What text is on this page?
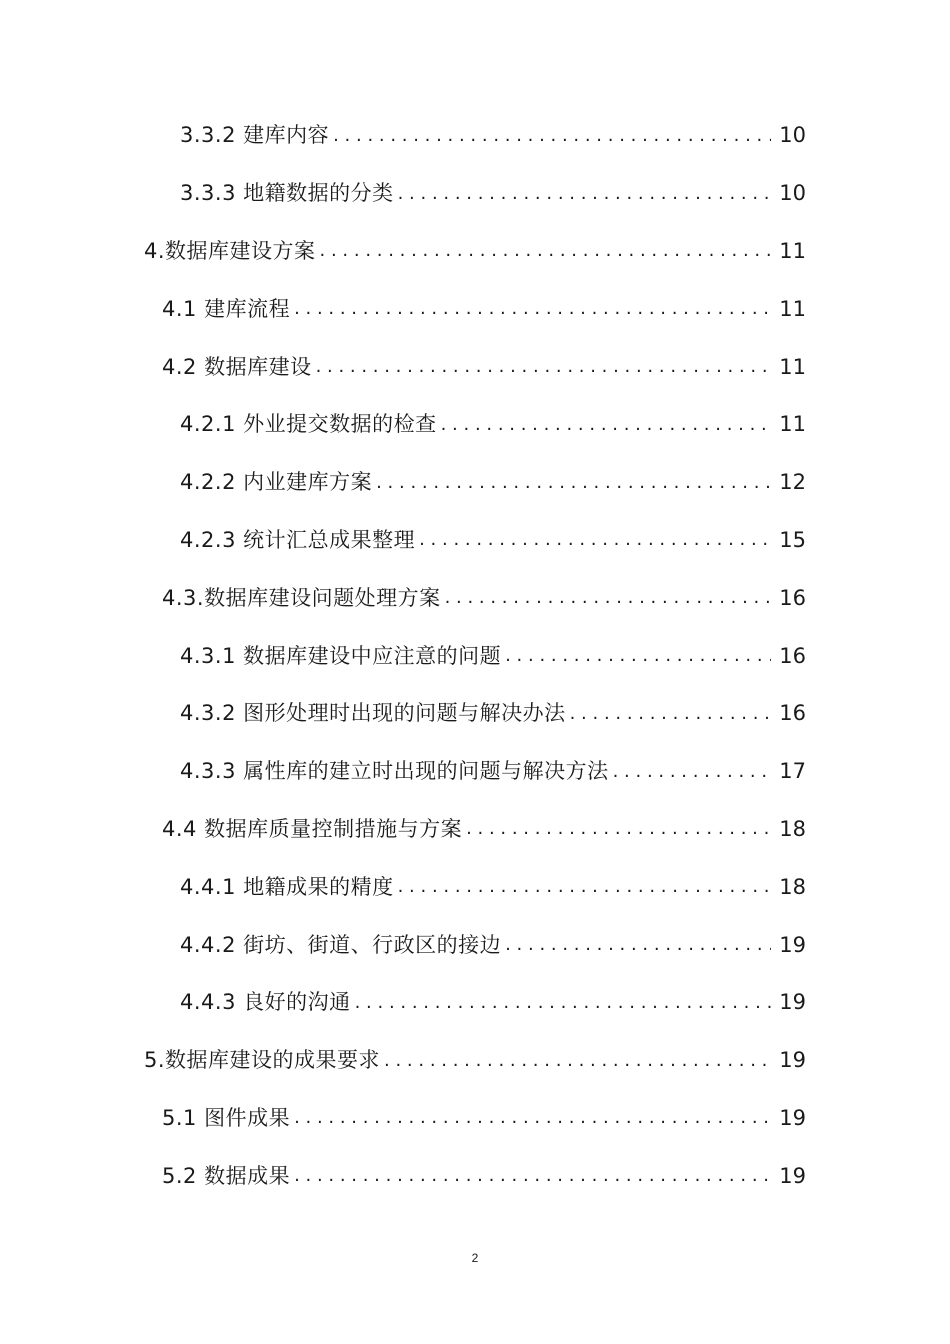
3.3.2 建库内容 . . .	10
3.3.3 地籍数据的分类 . . .	10
4.数据库建设方案 . . .	11
4.1 建库流程 . . .	11
4.2 数据库建设 . . .	11
4.2.1 外业提交数据的检查 . . .	11
4.2.2 内业建库方案 . . .	12
4.2.3 统计汇总成果整理 . . .	15
4.3.数据库建设问题处理方案 . . .	16
4.3.1 数据库建设中应注意的问题 . . .	16
4.3.2 图形处理时出现的问题与解决办法 . . .	16
4.3.3 属性库的建立时出现的问题与解决方法 . . .	17
4.4 数据库质量控制措施与方案 . . .	18
4.4.1 地籍成果的精度 . . .	18
4.4.2 街坊、街道、行政区的接边 . . .	19
4.4.3 良好的沟通 . . .	19
5.数据库建设的成果要求 . . .	19
5.1 图件成果 . . .	19
5.2 数据成果 . . .	19
2
